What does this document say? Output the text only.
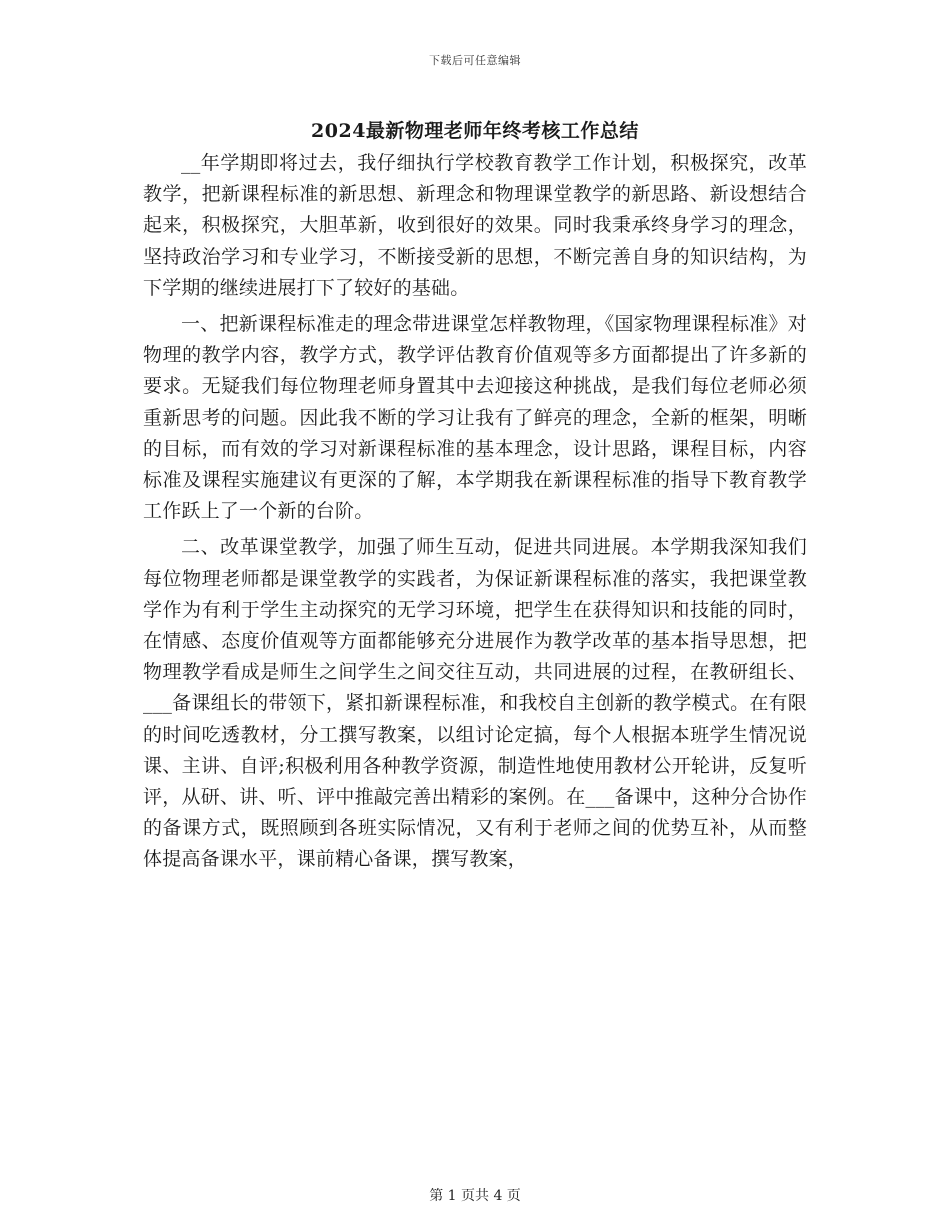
下载后可任意编辑
2024最新物理老师年终考核工作总结

__年学期即将过去，我仔细执行学校教育教学工作计划，积极探究，改革教学，把新课程标准的新思想、新理念和物理课堂教学的新思路、新设想结合起来，积极探究，大胆革新，收到很好的效果。同时我秉承终身学习的理念，坚持政治学习和专业学习，不断接受新的思想，不断完善自身的知识结构，为下学期的继续进展打下了较好的基础。

一、把新课程标准走的理念带进课堂怎样教物理，《国家物理课程标准》对物理的教学内容，教学方式，教学评估教育价值观等多方面都提出了许多新的要求。无疑我们每位物理老师身置其中去迎接这种挑战，是我们每位老师必须重新思考的问题。因此我不断的学习让我有了鲜亮的理念，全新的框架，明晰的目标，而有效的学习对新课程标准的基本理念，设计思路，课程目标，内容标准及课程实施建议有更深的了解，本学期我在新课程标准的指导下教育教学工作跃上了一个新的台阶。

二、改革课堂教学，加强了师生互动，促进共同进展。本学期我深知我们每位物理老师都是课堂教学的实践者，为保证新课程标准的落实，我把课堂教学作为有利于学生主动探究的无学习环境，把学生在获得知识和技能的同时，在情感、态度价值观等方面都能够充分进展作为教学改革的基本指导思想，把物理教学看成是师生之间学生之间交往互动，共同进展的过程，在教研组长、___备课组长的带领下，紧扣新课程标准，和我校自主创新的教学模式。在有限的时间吃透教材，分工撰写教案，以组讨论定搞，每个人根据本班学生情况说课、主讲、自评;积极利用各种教学资源，制造性地使用教材公开轮讲，反复听评，从研、讲、听、评中推敲完善出精彩的案例。在___备课中，这种分合协作的备课方式，既照顾到各班实际情况，又有利于老师之间的优势互补，从而整体提高备课水平，课前精心备课，撰写教案，

第 1 页共 4 页
